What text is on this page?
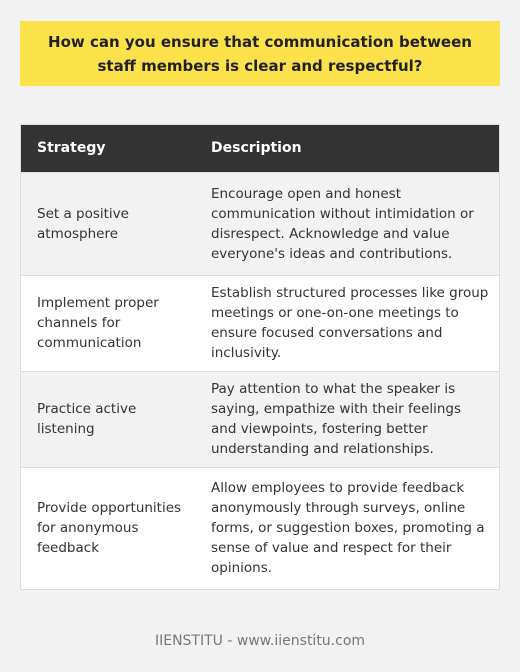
How can you ensure that communication between staff members is clear and respectful?
Strategy	Description
Set a positive atmosphere	Encourage open and honest communication without intimidation or disrespect. Acknowledge and value everyone's ideas and contributions.
Implement proper channels for communication	Establish structured processes like group meetings or one-on-one meetings to ensure focused conversations and inclusivity.
Practice active listening	Pay attention to what the speaker is saying, empathize with their feelings and viewpoints, fostering better understanding and relationships.
Provide opportunities for anonymous feedback	Allow employees to provide feedback anonymously through surveys, online forms, or suggestion boxes, promoting a sense of value and respect for their opinions.
IIENSTITU - www.iienstitu.com
